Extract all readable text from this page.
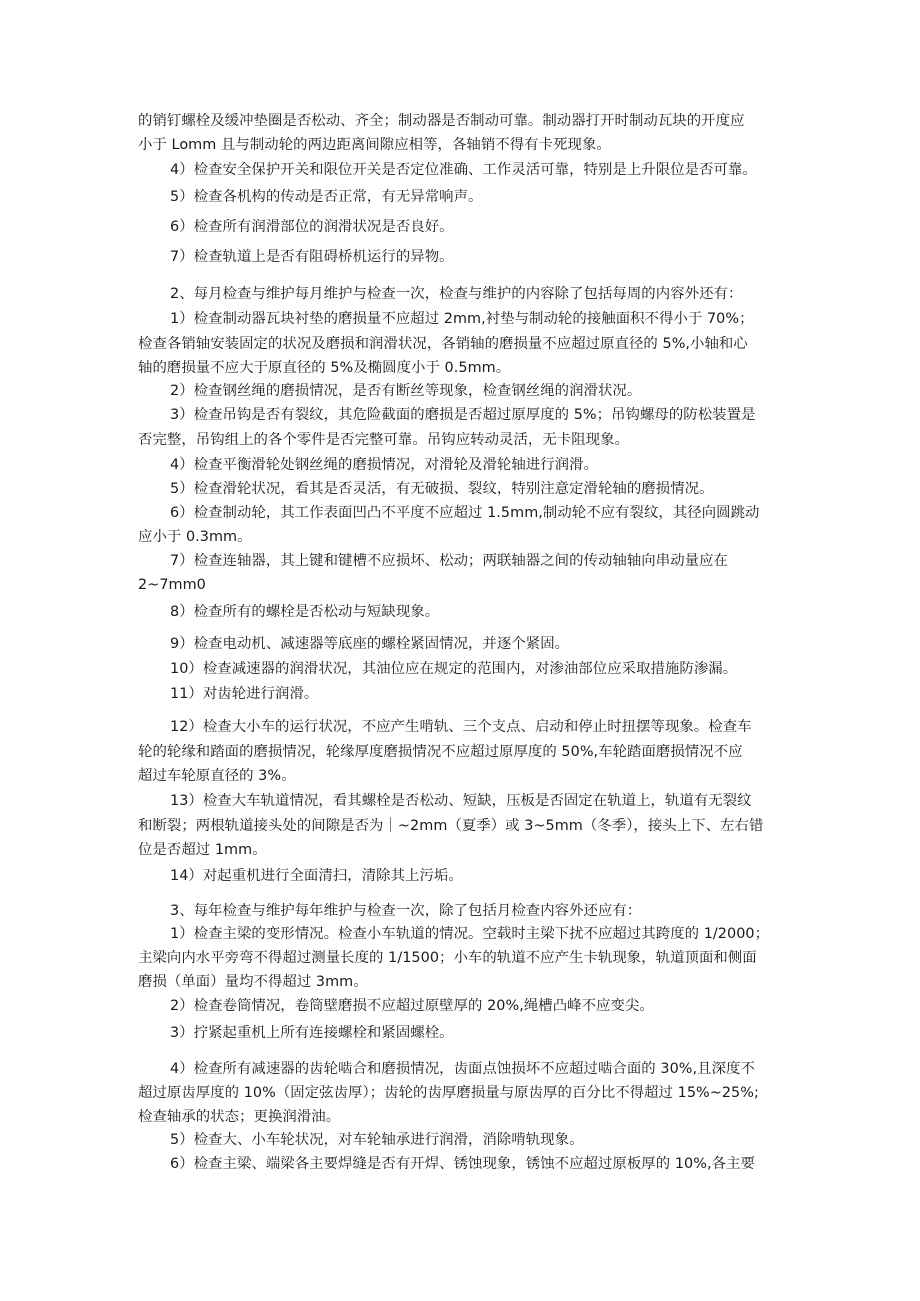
的销钉螺栓及缓冲垫圈是否松动、齐全；制动器是否制动可靠。制动器打开时制动瓦块的开度应

小于 Lomm 且与制动轮的两边距离间隙应相等，各轴销不得有卡死现象。

4）检查安全保护开关和限位开关是否定位准确、工作灵活可靠，特别是上升限位是否可靠。

5）检查各机构的传动是否正常，有无异常响声。

6）检查所有润滑部位的润滑状况是否良好。

7）检查轨道上是否有阻碍桥机运行的异物。

2、每月检查与维护每月维护与检查一次，检查与维护的内容除了包括每周的内容外还有：

1）检查制动器瓦块衬垫的磨损量不应超过 2mm,衬垫与制动轮的接触面积不得小于 70%；

检查各销轴安装固定的状况及磨损和润滑状况，各销轴的磨损量不应超过原直径的 5%,小轴和心

轴的磨损量不应大于原直径的 5%及椭圆度小于 0.5mm。

2）检查钢丝绳的磨损情况，是否有断丝等现象，检查钢丝绳的润滑状况。

3）检查吊钩是否有裂纹，其危险截面的磨损是否超过原厚度的 5%；吊钩螺母的防松装置是

否完整，吊钩组上的各个零件是否完整可靠。吊钩应转动灵活，无卡阻现象。

4）检查平衡滑轮处钢丝绳的磨损情况，对滑轮及滑轮轴进行润滑。

5）检查滑轮状况，看其是否灵活，有无破损、裂纹，特别注意定滑轮轴的磨损情况。

6）检查制动轮，其工作表面凹凸不平度不应超过 1.5mm,制动轮不应有裂纹，其径向圆跳动

应小于 0.3mm。

7）检查连轴器，其上键和键槽不应损坏、松动；两联轴器之间的传动轴轴向串动量应在

2~7mm0

8）检查所有的螺栓是否松动与短缺现象。

9）检查电动机、减速器等底座的螺栓紧固情况，并逐个紧固。

10）检查减速器的润滑状况，其油位应在规定的范围内，对渗油部位应采取措施防渗漏。

11）对齿轮进行润滑。

12）检查大小车的运行状况，不应产生啃轨、三个支点、启动和停止时扭摆等现象。检查车

轮的轮缘和踏面的磨损情况，轮缘厚度磨损情况不应超过原厚度的 50%,车轮踏面磨损情况不应

超过车轮原直径的 3%。

13）检查大车轨道情况，看其螺栓是否松动、短缺，压板是否固定在轨道上，轨道有无裂纹

和断裂；两根轨道接头处的间隙是否为｜~2mm（夏季）或 3~5mm（冬季），接头上下、左右错

位是否超过 1mm。

14）对起重机进行全面清扫，清除其上污垢。

3、每年检查与维护每年维护与检查一次，除了包括月检查内容外还应有：

1）检查主梁的变形情况。检查小车轨道的情况。空载时主梁下扰不应超过其跨度的 1/2000；

主梁向内水平旁弯不得超过测量长度的 1/1500；小车的轨道不应产生卡轨现象，轨道顶面和侧面

磨损（单面）量均不得超过 3mm。

2）检查卷筒情况，卷筒壁磨损不应超过原壁厚的 20%,绳槽凸峰不应变尖。

3）拧紧起重机上所有连接螺栓和紧固螺栓。

4）检查所有减速器的齿轮啮合和磨损情况，齿面点蚀损坏不应超过啮合面的 30%,且深度不

超过原齿厚度的 10%（固定弦齿厚）；齿轮的齿厚磨损量与原齿厚的百分比不得超过 15%~25%;

检查轴承的状态；更换润滑油。

5）检查大、小车轮状况，对车轮轴承进行润滑，消除啃轨现象。

6）检查主梁、端梁各主要焊缝是否有开焊、锈蚀现象，锈蚀不应超过原板厚的 10%,各主要
